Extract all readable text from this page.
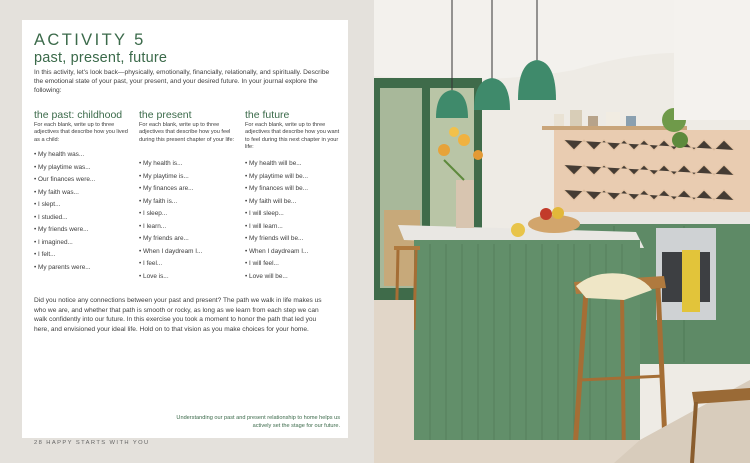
ACTIVITY 5
past, present, future
In this activity, let's look back—physically, emotionally, financially, relationally, and spiritually. Describe the emotional state of your past, your present, and your desired future. In your journal explore the following:
the past: childhood
For each blank, write up to three adjectives that describe how you lived as a child:
• My health was...
• My playtime was...
• Our finances were...
• My faith was...
• I slept...
• I studied...
• My friends were...
• I imagined...
• I felt...
• My parents were...
the present
For each blank, write up to three adjectives that describe how you feel during this present chapter of your life:
• My health is...
• My playtime is...
• My finances are...
• My faith is...
• I sleep...
• I learn...
• My friends are...
• When I daydream I...
• I feel...
• Love is...
the future
For each blank, write up to three adjectives that describe how you want to feel during this next chapter in your life:
• My health will be...
• My playtime will be...
• My finances will be...
• My faith will be...
• I will sleep...
• I will learn...
• My friends will be...
• When I daydream I...
• I will feel...
• Love will be...
Did you notice any connections between your past and present? The path we walk in life makes us who we are, and whether that path is smooth or rocky, as long as we learn from each step we can walk confidently into our future. In this exercise you took a moment to honor the path that led you here, and envisioned your ideal life. Hold on to that vision as you make choices for your home.
Understanding our past and present relationship to home helps us actively set the stage for our future.
28 HAPPY STARTS WITH YOU
